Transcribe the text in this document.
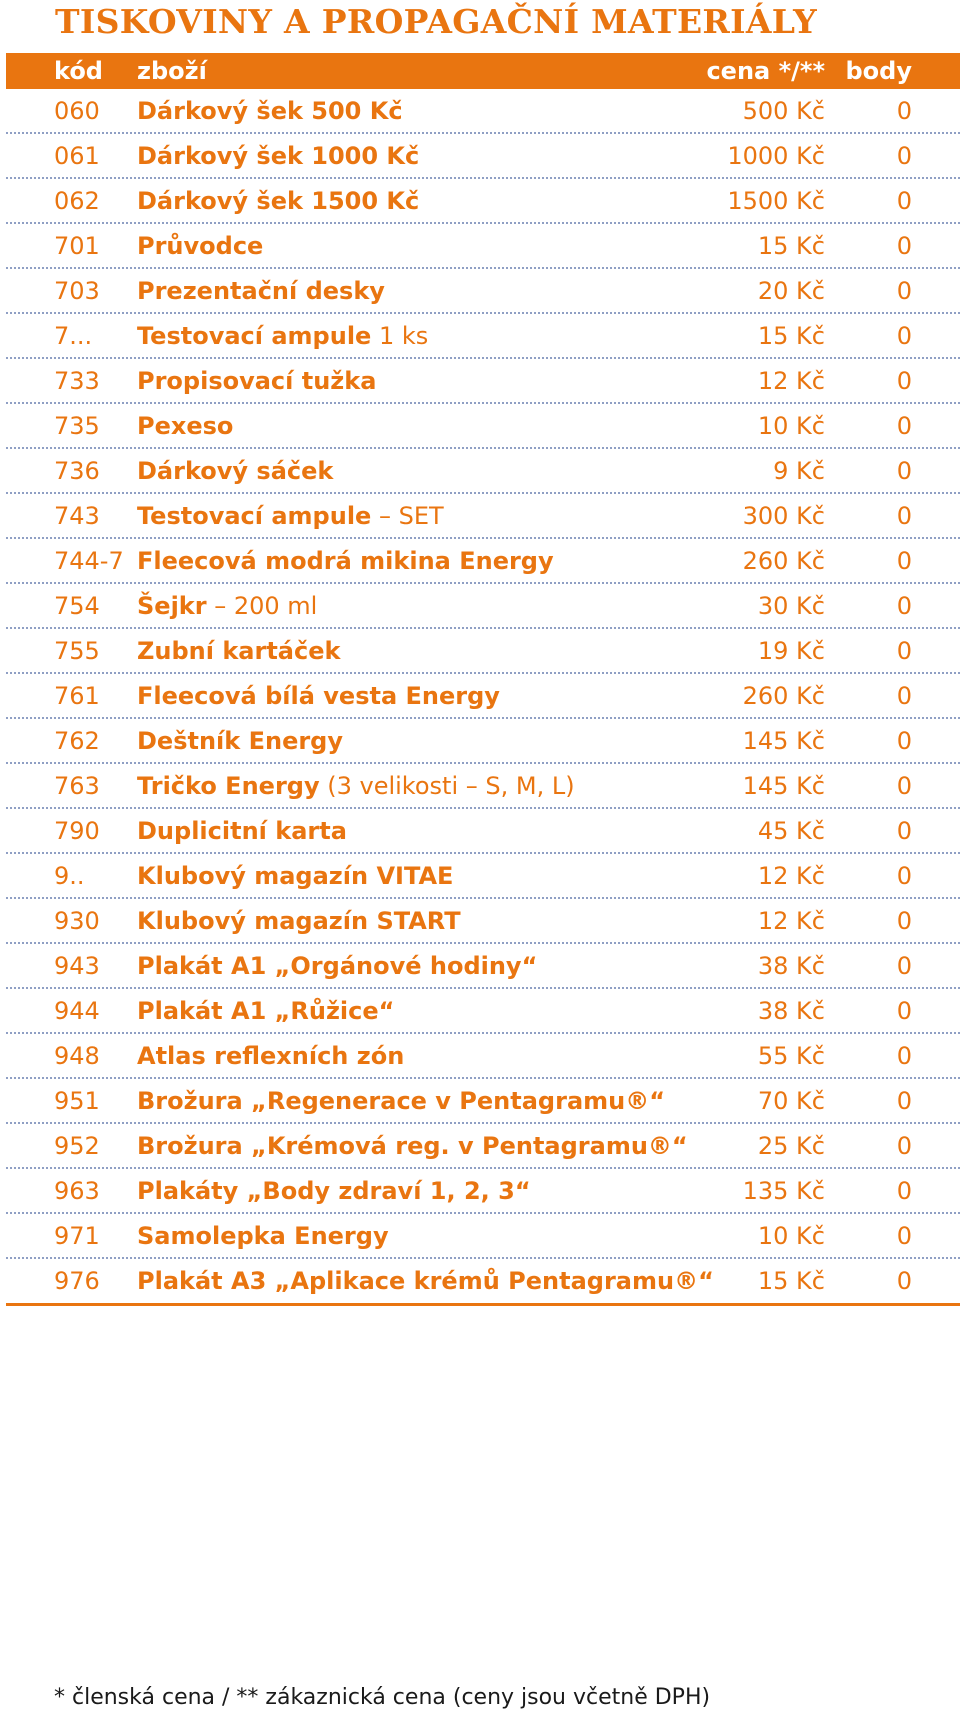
TISKOVINY A PROPAGAČNÍ MATERIÁLY
kód zboží	cena */** body
060 Dárkový šek 500 Kč	500 Kč	0
061 Dárkový šek 1000 Kč	1000 Kč	0
062 Dárkový šek 1500 Kč	1500 Kč	0
701 Průvodce	15 Kč	0
703 Prezentační desky	20 Kč	0
7... Testovací ampule 1 ks	15 Kč	0
733 Propisovací tužka	12 Kč	0
735 Pexeso	10 Kč	0
736 Dárkový sáček	9 Kč	0
743 Testovací ampule – SET	300 Kč	0
744-7 Fleecová modrá mikina Energy	260 Kč	0
754 Šejkr – 200 ml	30 Kč	0
755 Zubní kartáček	19 Kč	0
761 Fleecová bílá vesta Energy	260 Kč	0
762 Deštník Energy	145 Kč	0
763 Tričko Energy (3 velikosti – S, M, L)	145 Kč	0
790 Duplicitní karta	45 Kč	0
9.. Klubový magazín VITAE	12 Kč	0
930 Klubový magazín START	12 Kč	0
943 Plakát A1 „Orgánové hodiny“	38 Kč	0
944 Plakát A1 „Růžice“	38 Kč	0
948 Atlas reflexních zón	55 Kč	0
951 Brožura „Regenerace v Pentagramu®“	70 Kč	0
952 Brožura „Krémová reg. v Pentagramu®“	25 Kč	0
963 Plakáty „Body zdraví 1, 2, 3“	135 Kč	0
971 Samolepka Energy	10 Kč	0
976 Plakát A3 „Aplikace krémů Pentagramu®“ 15 Kč	0
* členská cena / ** zákaznická cena (ceny jsou včetně DPH)
